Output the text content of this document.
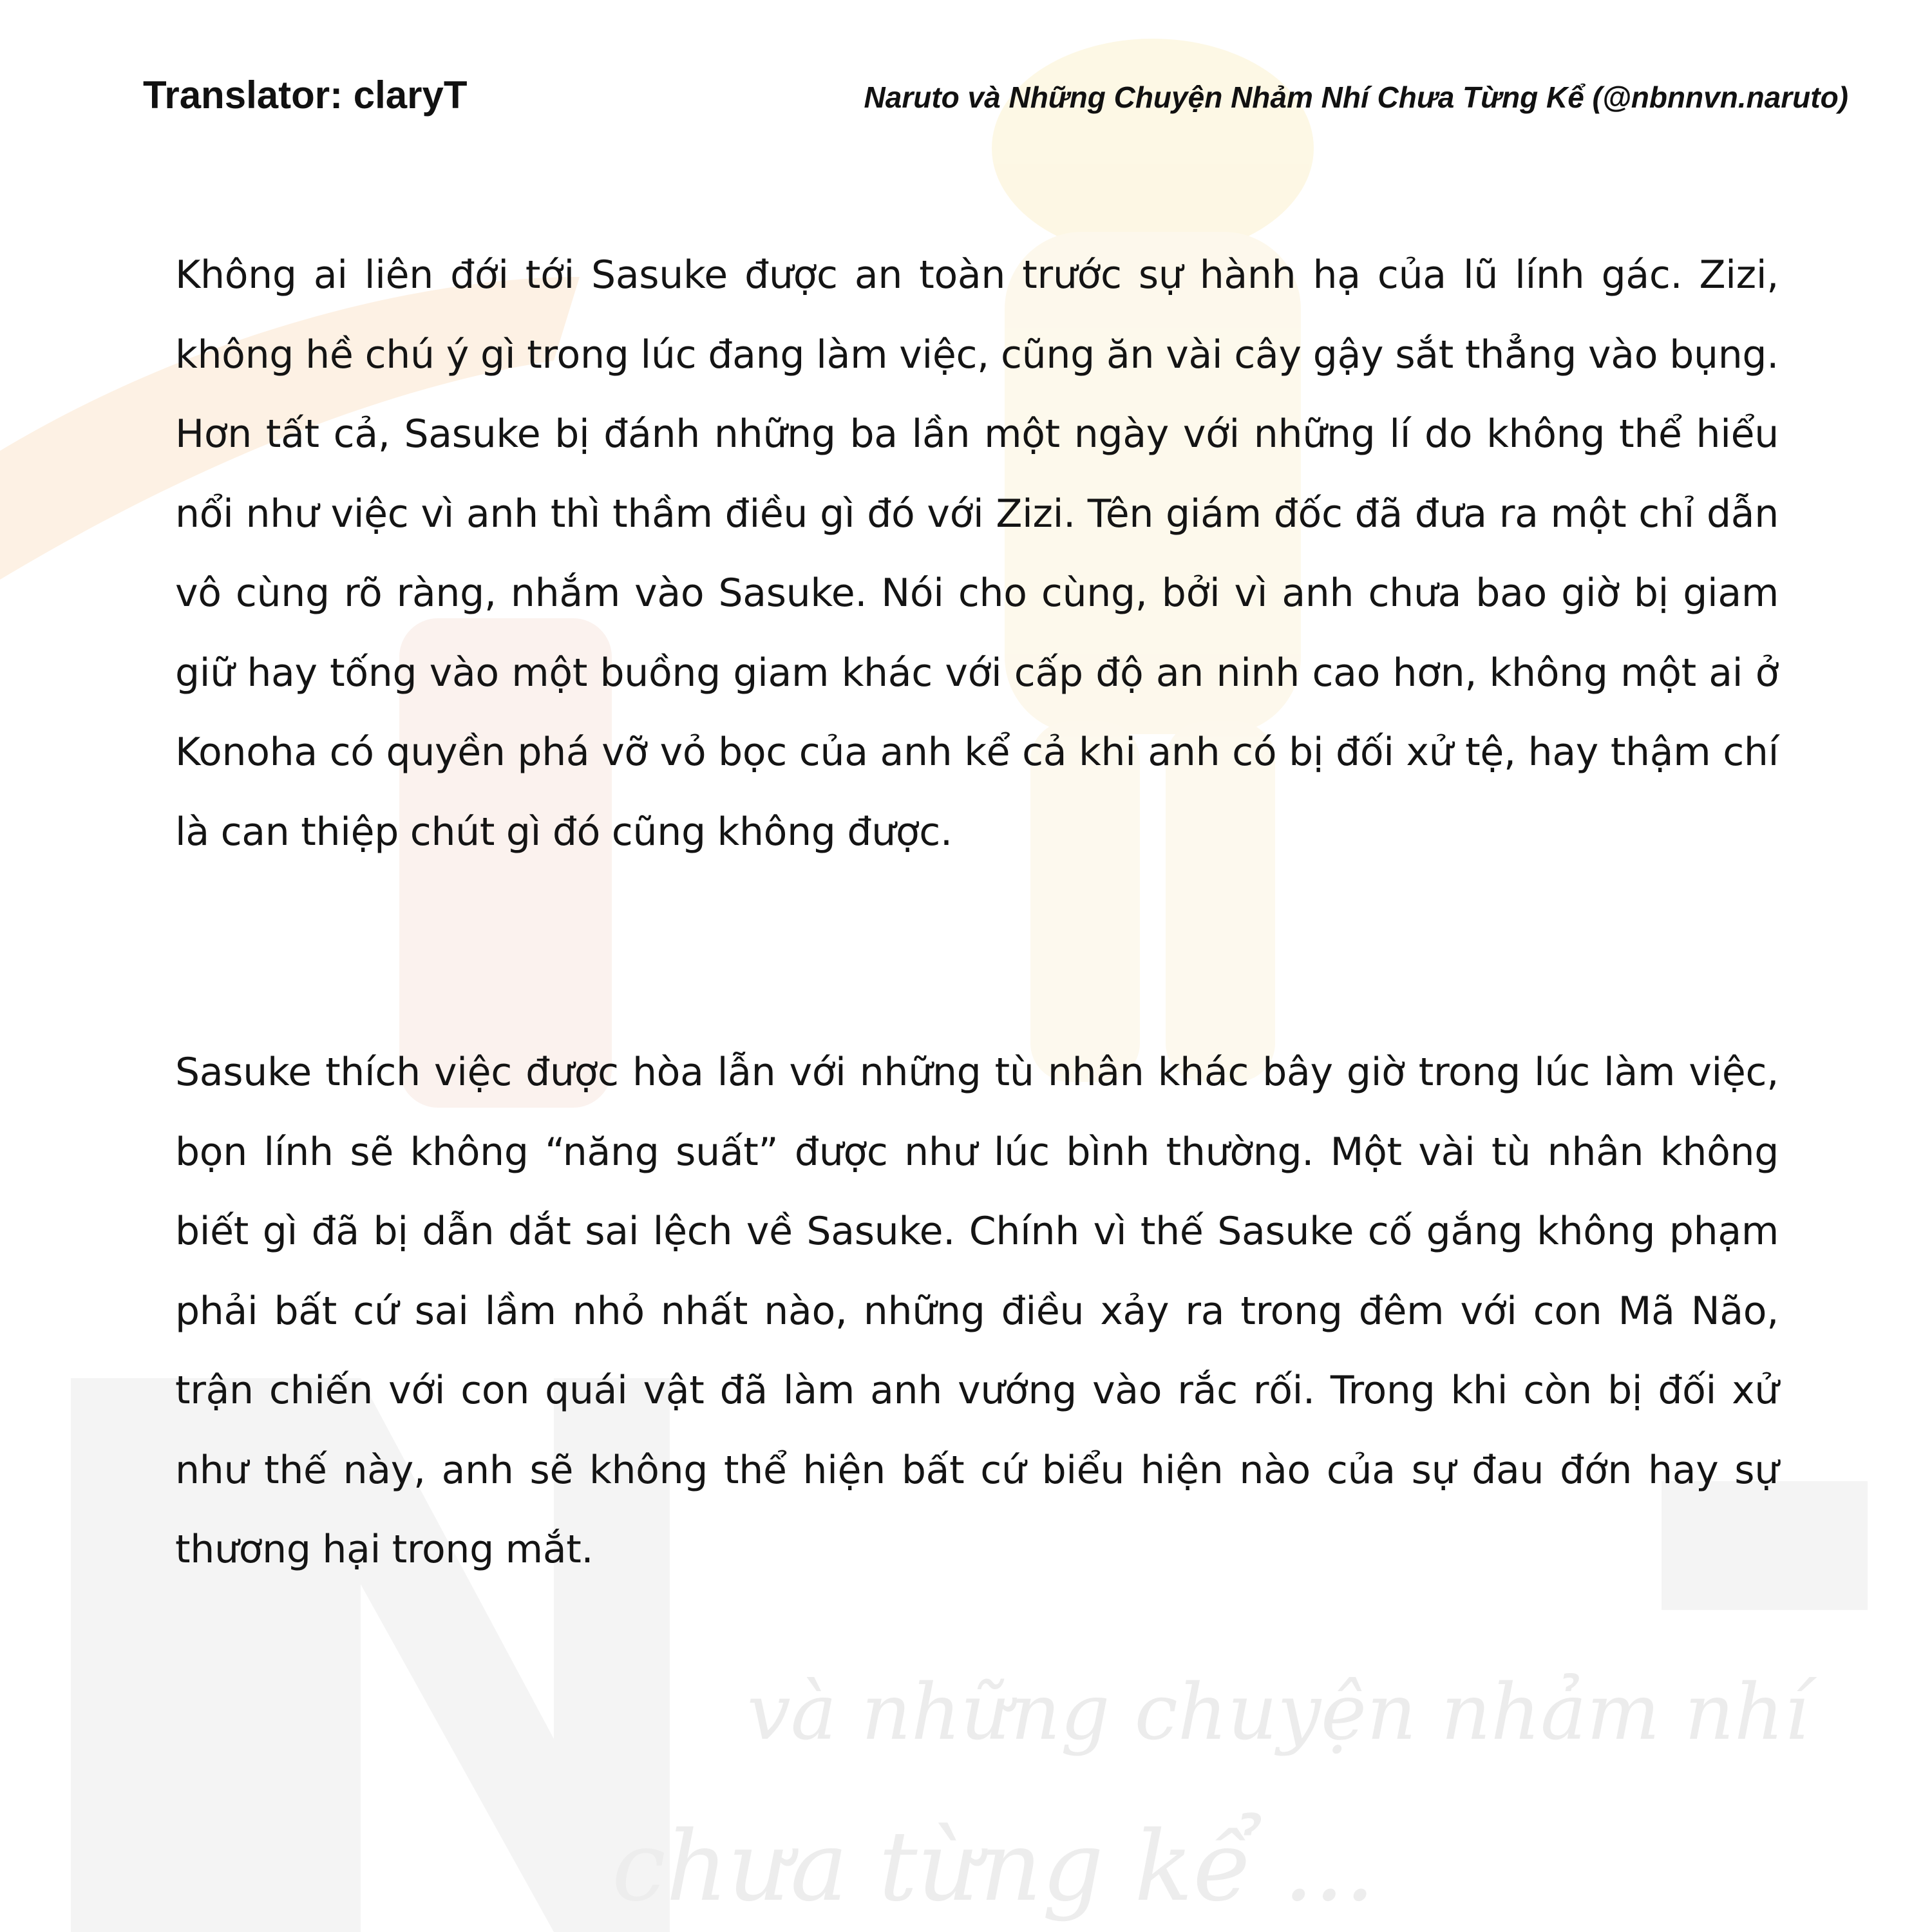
và những chuyện nhảm nhí
chưa từng kể ...
Translator: claryT	Naruto và Những Chuyện Nhảm Nhí Chưa Từng Kể (@nbnnvn.naruto)

Không ai liên đới tới Sasuke được an toàn trước sự hành hạ của lũ lính gác. Zizi, không hề chú ý gì trong lúc đang làm việc, cũng ăn vài cây gậy sắt thẳng vào bụng. Hơn tất cả, Sasuke bị đánh những ba lần một ngày với những lí do không thể hiểu nổi như việc vì anh thì thầm điều gì đó với Zizi. Tên giám đốc đã đưa ra một chỉ dẫn vô cùng rõ ràng, nhắm vào Sasuke. Nói cho cùng, bởi vì anh chưa bao giờ bị giam giữ hay tống vào một buồng giam khác với cấp độ an ninh cao hơn, không một ai ở Konoha có quyền phá vỡ vỏ bọc của anh kể cả khi anh có bị đối xử tệ, hay thậm chí là can thiệp chút gì đó cũng không được.

Sasuke thích việc được hòa lẫn với những tù nhân khác bây giờ trong lúc làm việc, bọn lính sẽ không “năng suất” được như lúc bình thường. Một vài tù nhân không biết gì đã bị dẫn dắt sai lệch về Sasuke. Chính vì thế Sasuke cố gắng không phạm phải bất cứ sai lầm nhỏ nhất nào, những điều xảy ra trong đêm với con Mã Não, trận chiến với con quái vật đã làm anh vướng vào rắc rối. Trong khi còn bị đối xử như thế này, anh sẽ không thể hiện bất cứ biểu hiện nào của sự đau đớn hay sự thương hại trong mắt.
